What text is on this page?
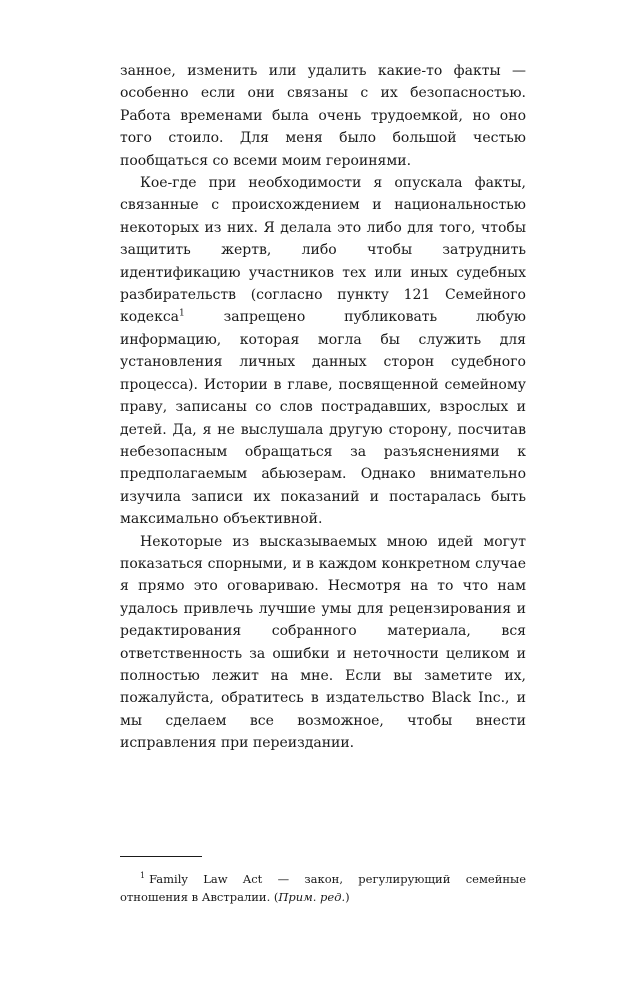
занное, изменить или удалить какие-то факты — особенно если они связаны с их безопасностью. Работа временами была очень трудоемкой, но оно того стоило. Для меня было большой честью пообщаться со всеми моим героинями.

Кое-где при необходимости я опускала факты, связанные с происхождением и национальностью некоторых из них. Я делала это либо для того, чтобы защитить жертв, либо чтобы затруднить идентификацию участников тех или иных судебных разбирательств (согласно пункту 121 Семейного кодекса$^1$ запрещено публиковать любую информацию, которая могла бы служить для установления личных данных сторон судебного процесса). Истории в главе, посвященной семейному праву, записаны со слов пострадавших, взрослых и детей. Да, я не выслушала другую сторону, посчитав небезопасным обращаться за разъяснениями к предполагаемым абьюзерам. Однако внимательно изучила записи их показаний и постаралась быть максимально объективной.

Некоторые из высказываемых мною идей могут показаться спорными, и в каждом конкретном случае я прямо это оговариваю. Несмотря на то что нам удалось привлечь лучшие умы для рецензирования и редактирования собранного материала, вся ответственность за ошибки и неточности целиком и полностью лежит на мне. Если вы заметите их, пожалуйста, обратитесь в издательство Black Inc., и мы сделаем все возможное, чтобы внести исправления при переиздании.

$^1$ Family Law Act — закон, регулирующий семейные отношения в Австралии. (Прим. ред.)
